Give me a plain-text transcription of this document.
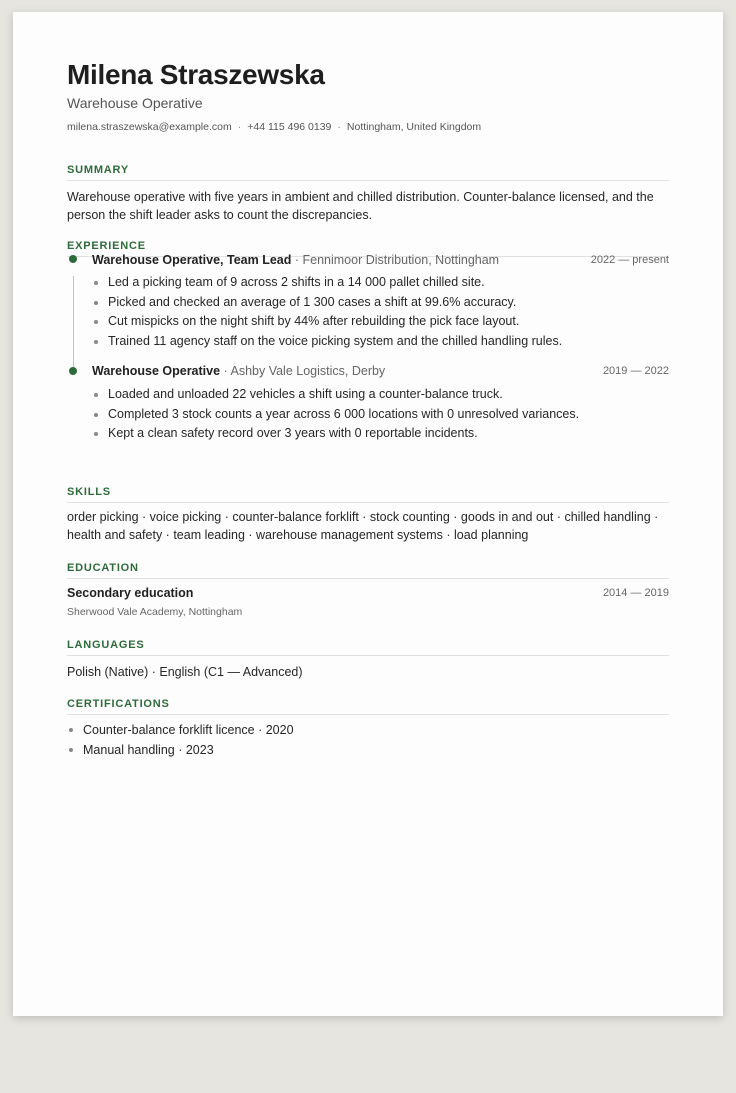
Milena Straszewska
Warehouse Operative
milena.straszewska@example.com · +44 115 496 0139 · Nottingham, United Kingdom
SUMMARY
Warehouse operative with five years in ambient and chilled distribution. Counter-balance licensed, and the person the shift leader asks to count the discrepancies.
EXPERIENCE
Warehouse Operative, Team Lead · Fennimoor Distribution, Nottingham	2022 — present
Led a picking team of 9 across 2 shifts in a 14 000 pallet chilled site.
Picked and checked an average of 1 300 cases a shift at 99.6% accuracy.
Cut mispicks on the night shift by 44% after rebuilding the pick face layout.
Trained 11 agency staff on the voice picking system and the chilled handling rules.
Warehouse Operative · Ashby Vale Logistics, Derby	2019 — 2022
Loaded and unloaded 22 vehicles a shift using a counter-balance truck.
Completed 3 stock counts a year across 6 000 locations with 0 unresolved variances.
Kept a clean safety record over 3 years with 0 reportable incidents.
SKILLS
order picking · voice picking · counter-balance forklift · stock counting · goods in and out · chilled handling · health and safety · team leading · warehouse management systems · load planning
EDUCATION
Secondary education	2014 — 2019
Sherwood Vale Academy, Nottingham
LANGUAGES
Polish (Native) · English (C1 — Advanced)
CERTIFICATIONS
Counter-balance forklift licence · 2020
Manual handling · 2023
